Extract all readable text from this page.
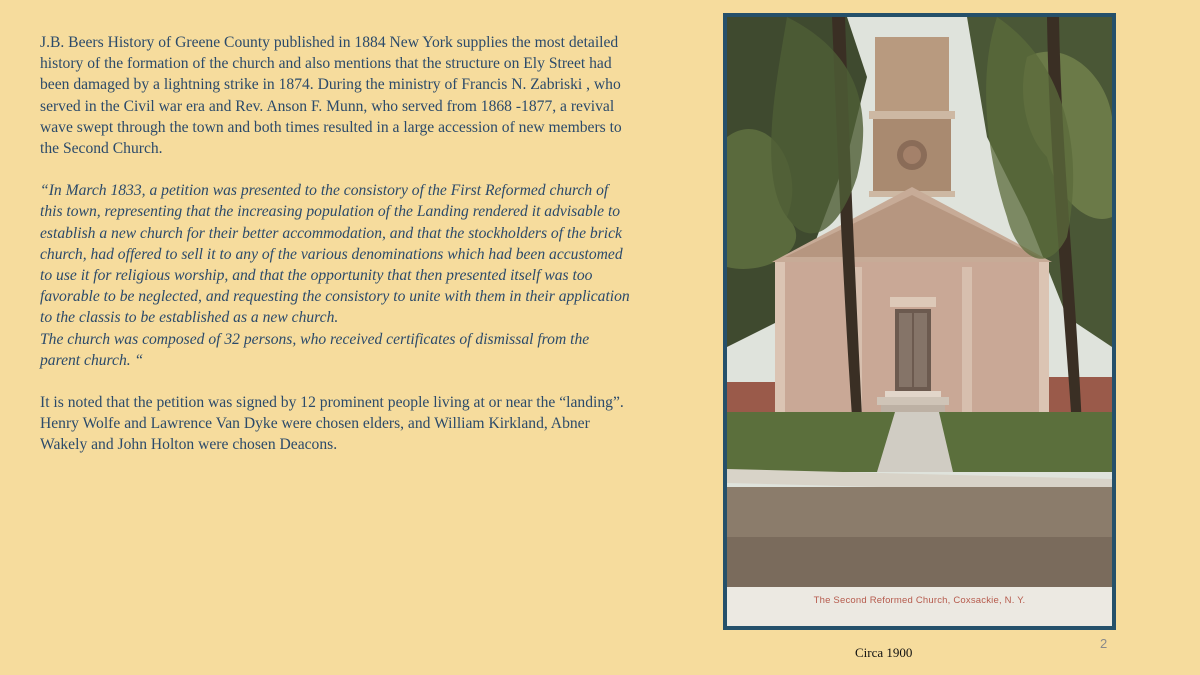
J.B. Beers History of Greene County published in 1884 New York supplies the most detailed history of the formation of the church and also mentions that the structure on Ely Street had been damaged by a lightning strike in 1874. During the ministry of Francis N. Zabriski , who served in the Civil war era and Rev. Anson F. Munn, who served from 1868 -1877, a revival wave swept through the town and both times resulted in a large accession of new members to the Second Church.

“In March 1833, a petition was presented to the consistory of the First Reformed church of this town, representing that the increasing population of the Landing rendered it advisable to establish a new church for their better accommodation, and that the stockholders of the brick church, had offered to sell it to any of the various denominations which had been accustomed to use it for religious worship, and that the opportunity that then presented itself was too favorable to be neglected, and requesting the consistory to unite with them in their application to the classis to be established as a new church.

The church was composed of 32 persons, who received certificates of dismissal from the parent church. “

It is noted that the petition was signed by 12 prominent people living at or near the “landing”.

Henry Wolfe and Lawrence Van Dyke were chosen elders, and William Kirkland, Abner Wakely and John Holton were chosen Deacons.

The Second Reformed Church, Coxsackie, N. Y.
Circa 1900
2
